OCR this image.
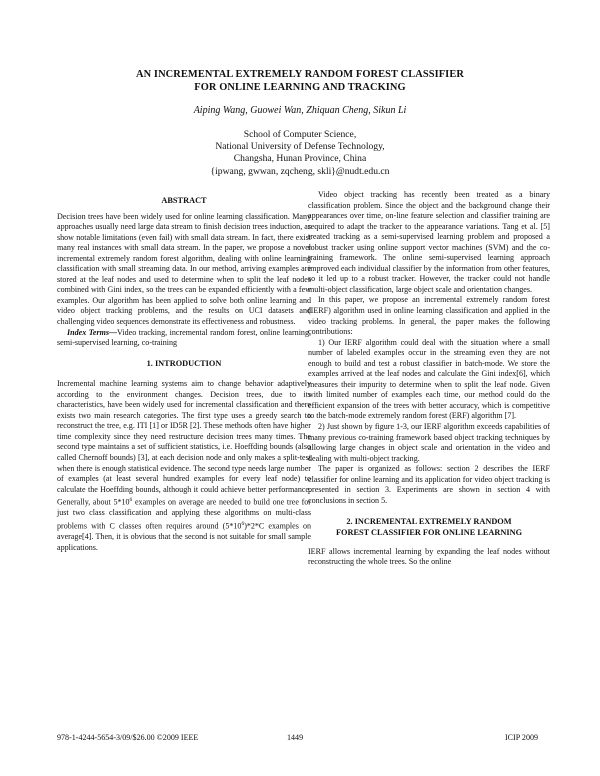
AN INCREMENTAL EXTREMELY RANDOM FOREST CLASSIFIER
FOR ONLINE LEARNING AND TRACKING
Aiping Wang, Guowei Wan, Zhiquan Cheng, Sikun Li
School of Computer Science,
National University of Defense Technology,
Changsha, Hunan Province, China
{ipwang, gwwan, zqcheng, skli}@nudt.edu.cn

ABSTRACT

Decision trees have been widely used for online learning classification. Many approaches usually need large data stream to finish decision trees induction, as show notable limitations (even fail) with small data stream. In fact, there exist many real instances with small data stream. In the paper, we propose a novel incremental extremely random forest algorithm, dealing with online learning classification with small streaming data. In our method, arriving examples are stored at the leaf nodes and used to determine when to split the leaf nodes combined with Gini index, so the trees can be expanded efficiently with a few examples. Our algorithm has been applied to solve both online learning and video object tracking problems, and the results on UCI datasets and challenging video sequences demonstrate its effectiveness and robustness.

Index Terms—Video tracking, incremental random forest, online learning, semi-supervised learning, co-training

1. INTRODUCTION

Incremental machine learning systems aim to change behavior adaptively according to the environment changes. Decision trees, due to its characteristics, have been widely used for incremental classification and there exists two main research categories. The first type uses a greedy search to reconstruct the tree, e.g. ITI [1] or ID5R [2]. These methods often have higher time complexity since they need restructure decision trees many times. The second type maintains a set of sufficient statistics, i.e. Hoeffding bounds (also called Chernoff bounds) [3], at each decision node and only makes a split-test when there is enough statistical evidence. The second type needs large number of examples (at least several hundred examples for every leaf node) to calculate the Hoeffding bounds, although it could achieve better performance. Generally, about $5*10^6$ examples on average are needed to build one tree for just two class classification and applying these algorithms on multi-class problems with C classes often requires around $(5*10^6)*2*C$ examples on average[4]. Then, it is obvious that the second is not suitable for small sample applications.

Video object tracking has recently been treated as a binary classification problem. Since the object and the background change their appearances over time, on-line feature selection and classifier training are required to adapt the tracker to the appearance variations. Tang et al. [5] treated tracking as a semi-supervised learning problem and proposed a robust tracker using online support vector machines (SVM) and the co-training framework. The online semi-supervised learning approach improved each individual classifier by the information from other features, so it led up to a robust tracker. However, the tracker could not handle multi-object classification, large object scale and orientation changes.

In this paper, we propose an incremental extremely random forest (IERF) algorithm used in online learning classification and applied in the video tracking problems. In general, the paper makes the following contributions:

1) Our IERF algorithm could deal with the situation where a small number of labeled examples occur in the streaming even they are not enough to build and test a robust classifier in batch-mode. We store the examples arrived at the leaf nodes and calculate the Gini index[6], which measures their impurity to determine when to split the leaf node. Given with limited number of examples each time, our method could do the efficient expansion of the trees with better accuracy, which is competitive to the batch-mode extremely random forest (ERF) algorithm [7].

2) Just shown by figure 1-3, our IERF algorithm exceeds capabilities of many previous co-training framework based object tracking techniques by allowing large changes in object scale and orientation in the video and dealing with multi-object tracking.

The paper is organized as follows: section 2 describes the IERF classifier for online learning and its application for video object tracking is presented in section 3. Experiments are shown in section 4 with conclusions in section 5.

2. INCREMENTAL EXTREMELY RANDOM
FOREST CLASSIFIER FOR ONLINE LEARNING

IERF allows incremental learning by expanding the leaf nodes without reconstructing the whole trees. So the online

978-1-4244-5654-3/09/$26.00 ©2009 IEEE	1449	ICIP 2009
